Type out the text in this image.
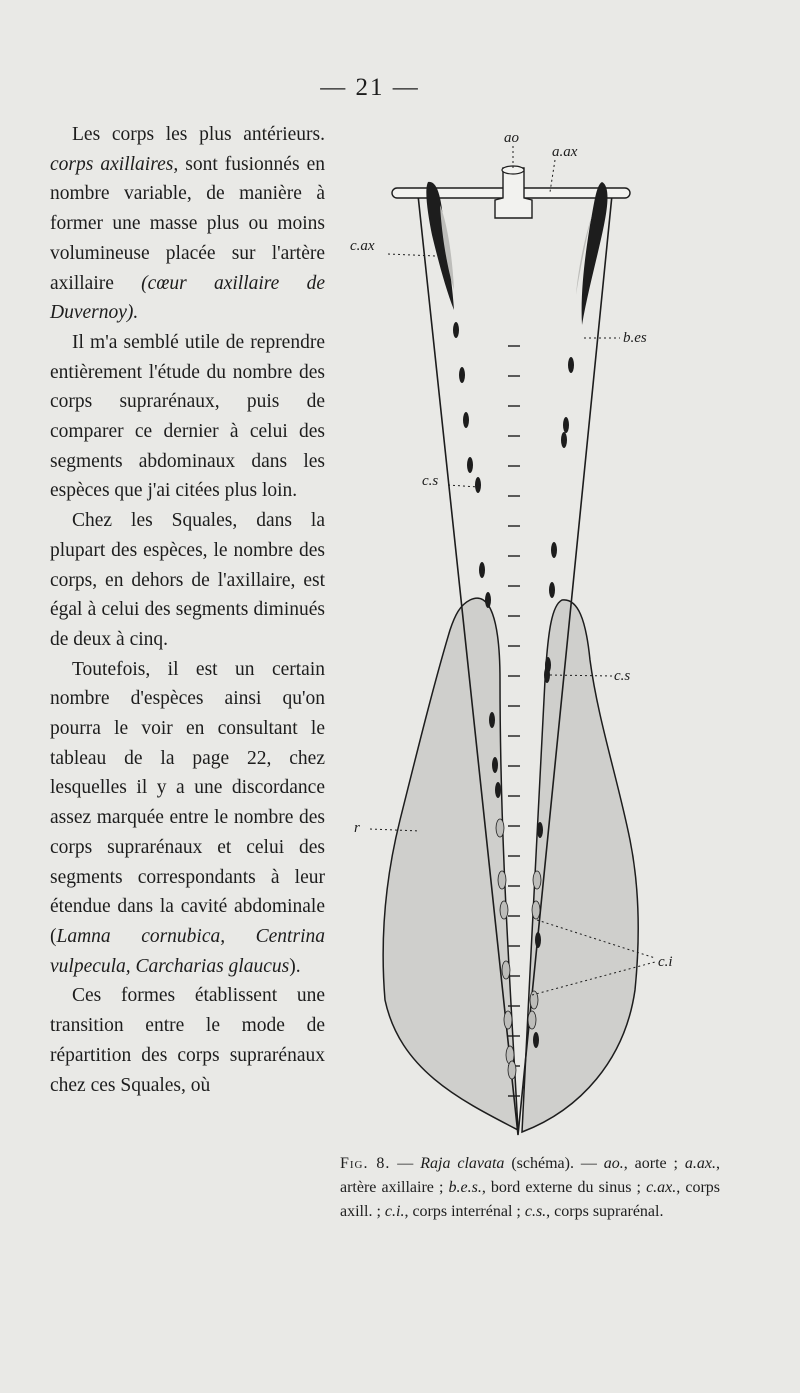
— 21 —

Les corps les plus antérieurs. corps axillaires, sont fusionnés en nombre variable, de manière à former une masse plus ou moins volumineuse placée sur l'artère axillaire (cœur axillaire de Duvernoy).

Il m'a semblé utile de reprendre entièrement l'étude du nombre des corps suprarénaux, puis de comparer ce dernier à celui des segments abdominaux dans les espèces que j'ai citées plus loin.

Chez les Squales, dans la plupart des espèces, le nombre des corps, en dehors de l'axillaire, est égal à celui des segments diminués de deux à cinq.

Toutefois, il est un certain nombre d'espèces ainsi qu'on pourra le voir en consultant le tableau de la page 22, chez lesquelles il y a une discordance assez marquée entre le nombre des corps suprarénaux et celui des segments correspondants à leur étendue dans la cavité abdominale (Lamna cornubica, Centrina vulpecula, Carcharias glaucus).

Ces formes établissent une transition entre le mode de répartition des corps suprarénaux chez ces Squales, où

ao
a.ax
c.ax
b.es
c.s
c.s
r
c.i
Fig. 8. — Raja clavata (schéma). — ao., aorte ; a.ax., artère axillaire ; b.e.s., bord externe du sinus ; c.ax., corps axill. ; c.i., corps interrénal ; c.s., corps suprarénal.
